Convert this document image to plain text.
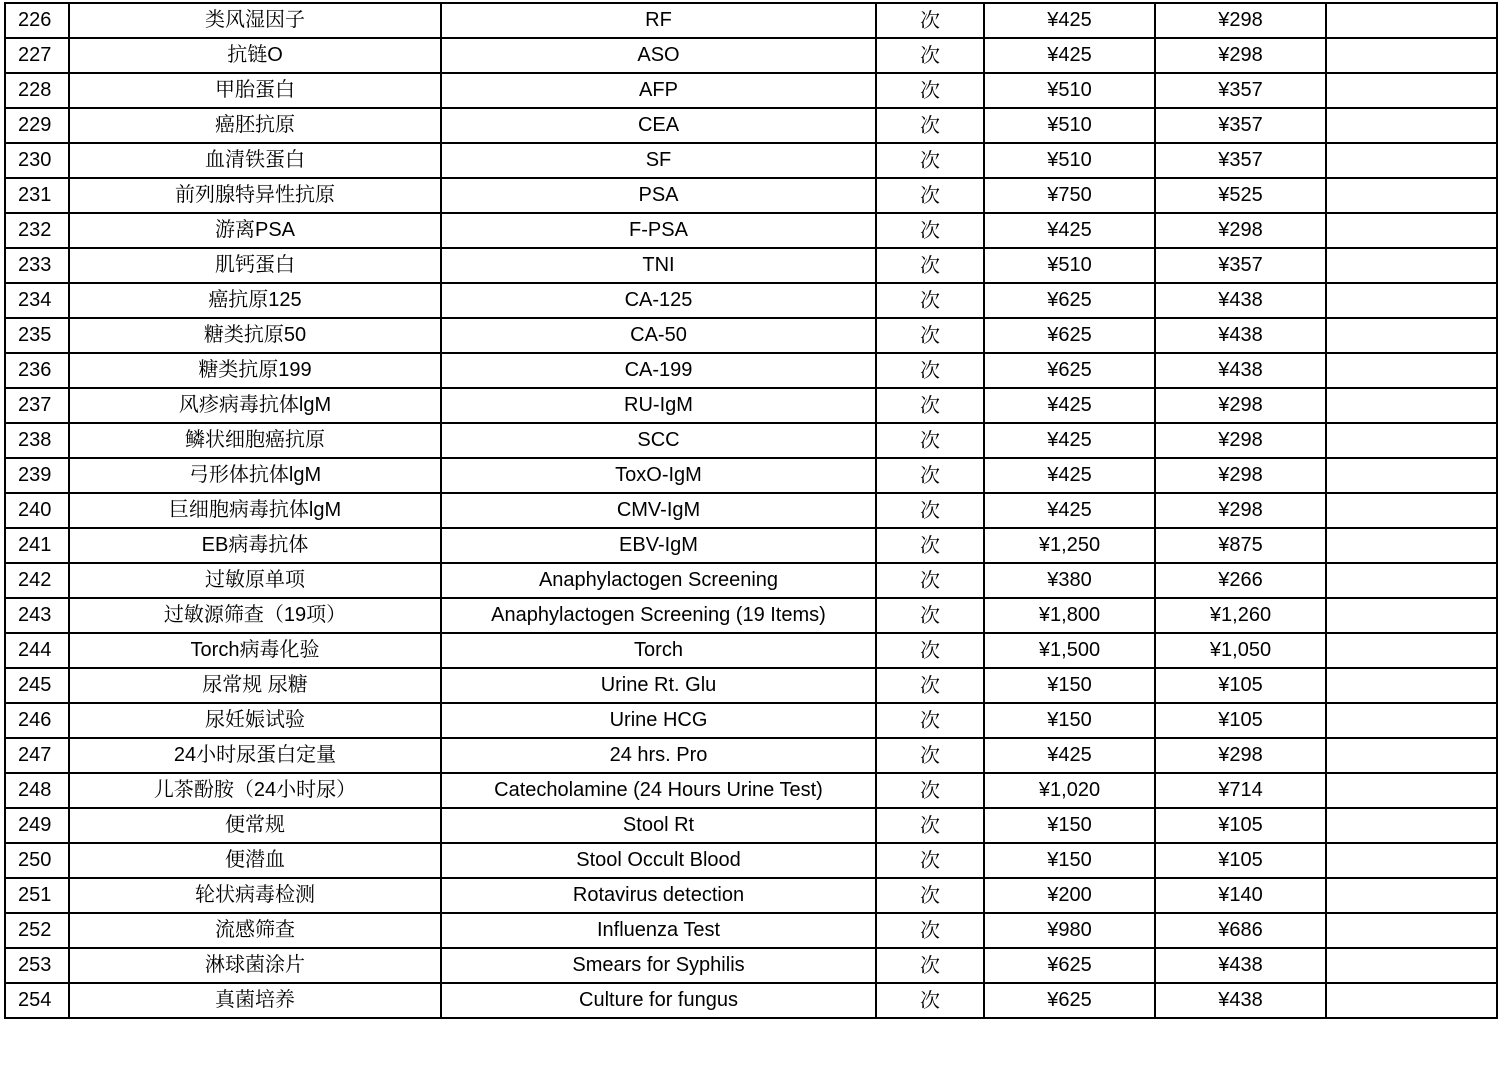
226	类风湿因子	RF	次	¥425	¥298	
227	抗链O	ASO	次	¥425	¥298	
228	甲胎蛋白	AFP	次	¥510	¥357	
229	癌胚抗原	CEA	次	¥510	¥357	
230	血清铁蛋白	SF	次	¥510	¥357	
231	前列腺特异性抗原	PSA	次	¥750	¥525	
232	游离PSA	F-PSA	次	¥425	¥298	
233	肌钙蛋白	TNI	次	¥510	¥357	
234	癌抗原125	CA-125	次	¥625	¥438	
235	糖类抗原50	CA-50	次	¥625	¥438	
236	糖类抗原199	CA-199	次	¥625	¥438	
237	风疹病毒抗体lgM	RU-IgM	次	¥425	¥298	
238	鳞状细胞癌抗原	SCC	次	¥425	¥298	
239	弓形体抗体lgM	ToxO-IgM	次	¥425	¥298	
240	巨细胞病毒抗体lgM	CMV-IgM	次	¥425	¥298	
241	EB病毒抗体	EBV-IgM	次	¥1,250	¥875	
242	过敏原单项	Anaphylactogen Screening	次	¥380	¥266	
243	过敏源筛查（19项）	Anaphylactogen Screening (19 Items)	次	¥1,800	¥1,260	
244	Torch病毒化验	Torch	次	¥1,500	¥1,050	
245	尿常规 尿糖	Urine Rt. Glu	次	¥150	¥105	
246	尿妊娠试验	Urine HCG	次	¥150	¥105	
247	24小时尿蛋白定量	24 hrs. Pro	次	¥425	¥298	
248	儿茶酚胺（24小时尿）	Catecholamine (24 Hours Urine Test)	次	¥1,020	¥714	
249	便常规	Stool Rt	次	¥150	¥105	
250	便潜血	Stool Occult Blood	次	¥150	¥105	
251	轮状病毒检测	Rotavirus detection	次	¥200	¥140	
252	流感筛查	Influenza Test	次	¥980	¥686	
253	淋球菌涂片	Smears for Syphilis	次	¥625	¥438	
254	真菌培养	Culture for fungus	次	¥625	¥438	
